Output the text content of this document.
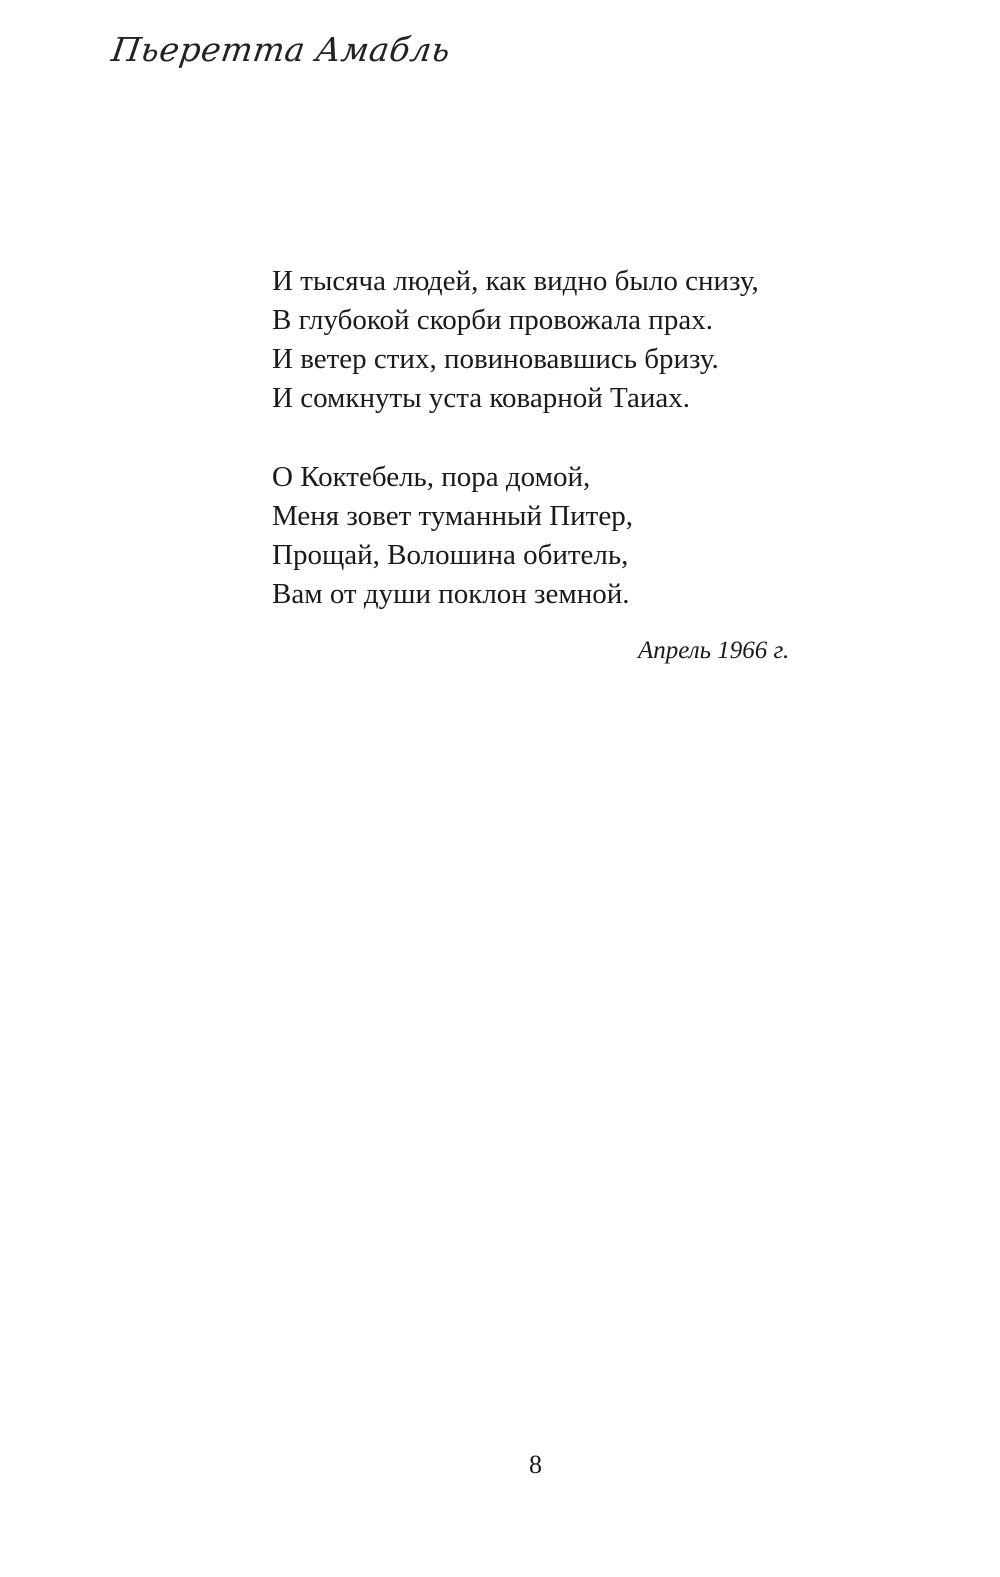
Пьеретта Амабль
И тысяча людей, как видно было снизу,
В глубокой скорби провожала прах.
И ветер стих, повиновавшись бризу.
И сомкнуты уста коварной Таиах.
О Коктебель, пора домой,
Меня зовет туманный Питер,
Прощай, Волошина обитель,
Вам от души поклон земной.
Апрель 1966 г.
8
